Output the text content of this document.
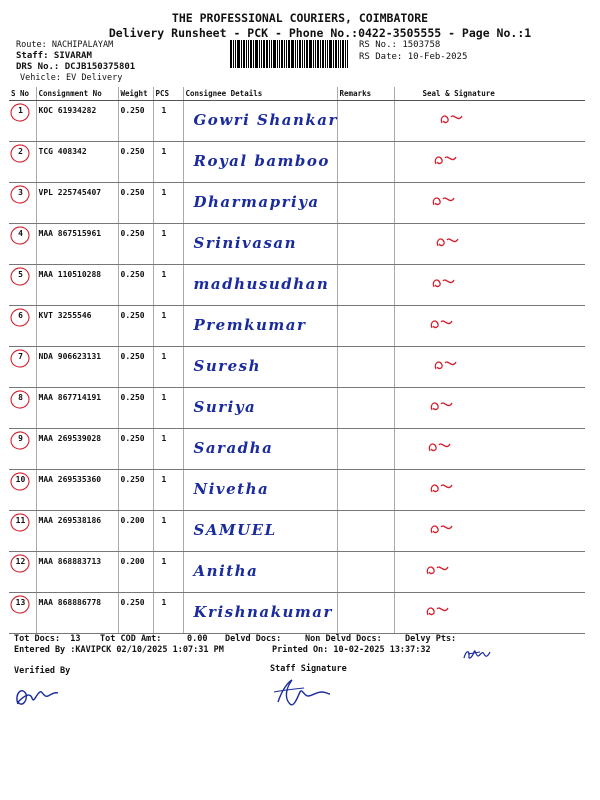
THE PROFESSIONAL COURIERS, COIMBATORE
Delivery Runsheet - PCK - Phone No.:0422-3505555 - Page No.:1
Route: NACHIPALAYAM
Staff: SIVARAM
DRS No.: DCJB150375801
Vehicle: EV Delivery
RS No.: 1503758
RS Date: 10-Feb-2025
S No	Consignment No	Weight	PCS	Consignee Details	Remarks	Seal & Signature

1	KOC 61934282	0.250	1	Gowri Shankar

2	TCG 408342	0.250	1	Royal bamboo

3	VPL 225745407	0.250	1	Dharmapriya

4	MAA 867515961	0.250	1	Srinivasan

5	MAA 110510288	0.250	1	madhusudhan

6	KVT 3255546	0.250	1	Premkumar

7	NDA 906623131	0.250	1	Suresh

8	MAA 867714191	0.250	1	Suriya

9	MAA 269539028	0.250	1	Saradha

10	MAA 269535360	0.250	1	Nivetha

11	MAA 269538186	0.200	1	SAMUEL

12	MAA 868883713	0.200	1	Anitha

13	MAA 868886778	0.250	1	Krishnakumar

Tot Docs:  13 Tot COD Amt:     0.00 Delvd Docs:	Non Delvd Docs:	Delvy Pts:
Entered By :KAVIPCK 02/10/2025 1:07:31 PM	Printed On: 10-02-2025 13:37:32
Verified By	Staff Signature
